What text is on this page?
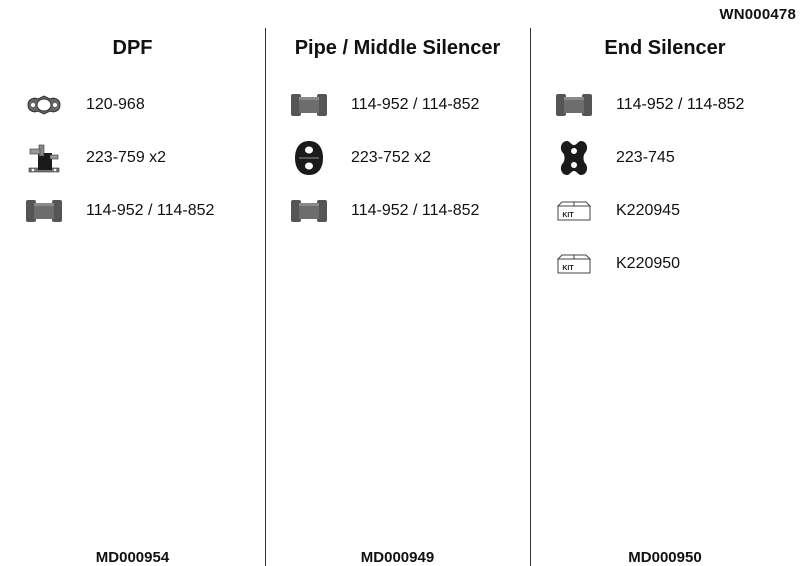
WN000478
DPF
120-968
223-759 x2
114-952 / 114-852
MD000954
Pipe / Middle Silencer
114-952 / 114-852
223-752 x2
114-952 / 114-852
MD000949
End Silencer
114-952 / 114-852
223-745
KIT	K220945
KIT	K220950
MD000950
